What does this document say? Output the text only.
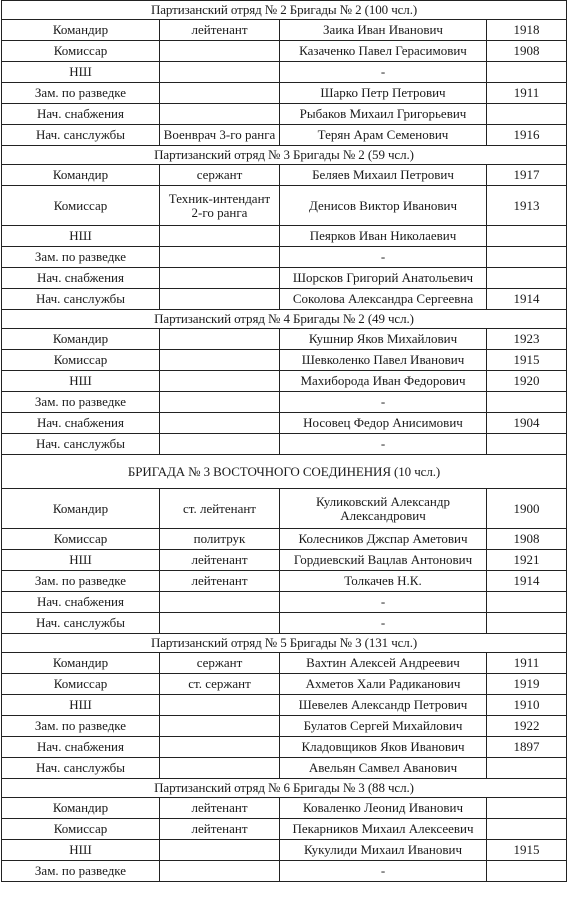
Партизанский отряд № 2 Бригады № 2 (100 чсл.)			
Командир	лейтенант	Заика Иван Иванович	1918
Комиссар		Казаченко Павел Герасимович	1908
НШ		-	
Зам. по разведке		Шарко Петр Петрович	1911
Нач. снабжения		Рыбаков Михаил Григорьевич	
Нач. санслужбы	Военврач 3-го ранга	Терян Арам Семенович	1916
Партизанский отряд № 3 Бригады № 2 (59 чсл.)			
Командир	сержант	Беляев Михаил Петрович	1917
Комиссар	Техник-интендант 2-го ранга	Денисов Виктор Иванович	1913
НШ		Пеярков Иван Николаевич	
Зам. по разведке		-	
Нач. снабжения		Шорсков Григорий Анатольевич	
Нач. санслужбы		Соколова Александра Сергеевна	1914
Партизанский отряд № 4 Бригады № 2 (49 чсл.)			
Командир		Кушнир Яков Михайлович	1923
Комиссар		Шевколенко Павел Иванович	1915
НШ		Махиборода Иван Федорович	1920
Зам. по разведке		-	
Нач. снабжения		Носовец Федор Анисимович	1904
Нач. санслужбы		-	
БРИГАДА № 3 ВОСТОЧНОГО СОЕДИНЕНИЯ (10 чсл.)			
Командир	ст. лейтенант	Куликовский Александр Александрович	1900
Комиссар	политрук	Колесников Джспар Аметович	1908
НШ	лейтенант	Гордиевский Вацлав Антонович	1921
Зам. по разведке	лейтенант	Толкачев Н.К.	1914
Нач. снабжения		-	
Нач. санслужбы		-	
Партизанский отряд № 5 Бригады № 3 (131 чсл.)			
Командир	сержант	Вахтин Алексей Андреевич	1911
Комиссар	ст. сержант	Ахметов Хали Радиканович	1919
НШ		Шевелев Александр Петрович	1910
Зам. по разведке		Булатов Сергей Михайлович	1922
Нач. снабжения		Кладовщиков Яков Иванович	1897
Нач. санслужбы		Авельян Самвел Аванович	
Партизанский отряд № 6 Бригады № 3 (88 чсл.)			
Командир	лейтенант	Коваленко Леонид Иванович	
Комиссар	лейтенант	Пекарников Михаил Алексеевич	
НШ		Кукулиди Михаил Иванович	1915
Зам. по разведке		-	
